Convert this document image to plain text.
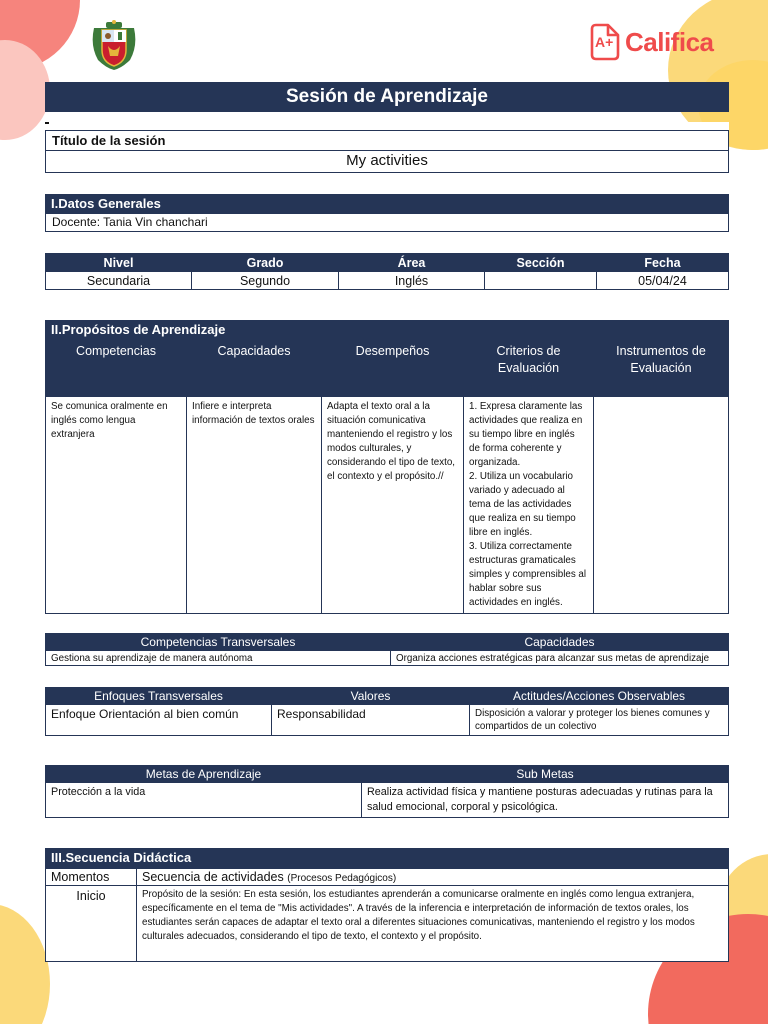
A+ Califica
Sesión de Aprendizaje
Título de la sesión
My activities
I.Datos Generales
Docente: Tania Vin chanchari
Nivel	Grado	Área	Sección	Fecha
Secundaria	Segundo	Inglés		05/04/24
II.Propósitos de Aprendizaje
Competencias	Capacidades	Desempeños	Criterios de Evaluación	Instrumentos de Evaluación
Se comunica oralmente en inglés como lengua extranjera	Infiere e interpreta información de textos orales	Adapta el texto oral a la situación comunicativa manteniendo el registro y los modos culturales, y considerando el tipo de texto, el contexto y el propósito.//	1. Expresa claramente las actividades que realiza en su tiempo libre en inglés de forma coherente y organizada.
2. Utiliza un vocabulario variado y adecuado al tema de las actividades que realiza en su tiempo libre en inglés.
3. Utiliza correctamente estructuras gramaticales simples y comprensibles al hablar sobre sus actividades en inglés.	
Competencias Transversales	Capacidades
Gestiona su aprendizaje de manera autónoma	Organiza acciones estratégicas para alcanzar sus metas de aprendizaje
Enfoques Transversales	Valores	Actitudes/Acciones Observables
Enfoque Orientación al bien común	Responsabilidad	Disposición a valorar y proteger los bienes comunes y compartidos de un colectivo
Metas de Aprendizaje	Sub Metas
Protección a la vida	Realiza actividad física y mantiene posturas adecuadas y rutinas para la salud emocional, corporal y psicológica.
III.Secuencia Didáctica
Momentos	Secuencia de actividades (Procesos Pedagógicos)
Inicio	Propósito de la sesión: En esta sesión, los estudiantes aprenderán a comunicarse oralmente en inglés como lengua extranjera, específicamente en el tema de "Mis actividades". A través de la inferencia e interpretación de información de textos orales, los estudiantes serán capaces de adaptar el texto oral a diferentes situaciones comunicativas, manteniendo el registro y los modos culturales adecuados, considerando el tipo de texto, el contexto y el propósito.
